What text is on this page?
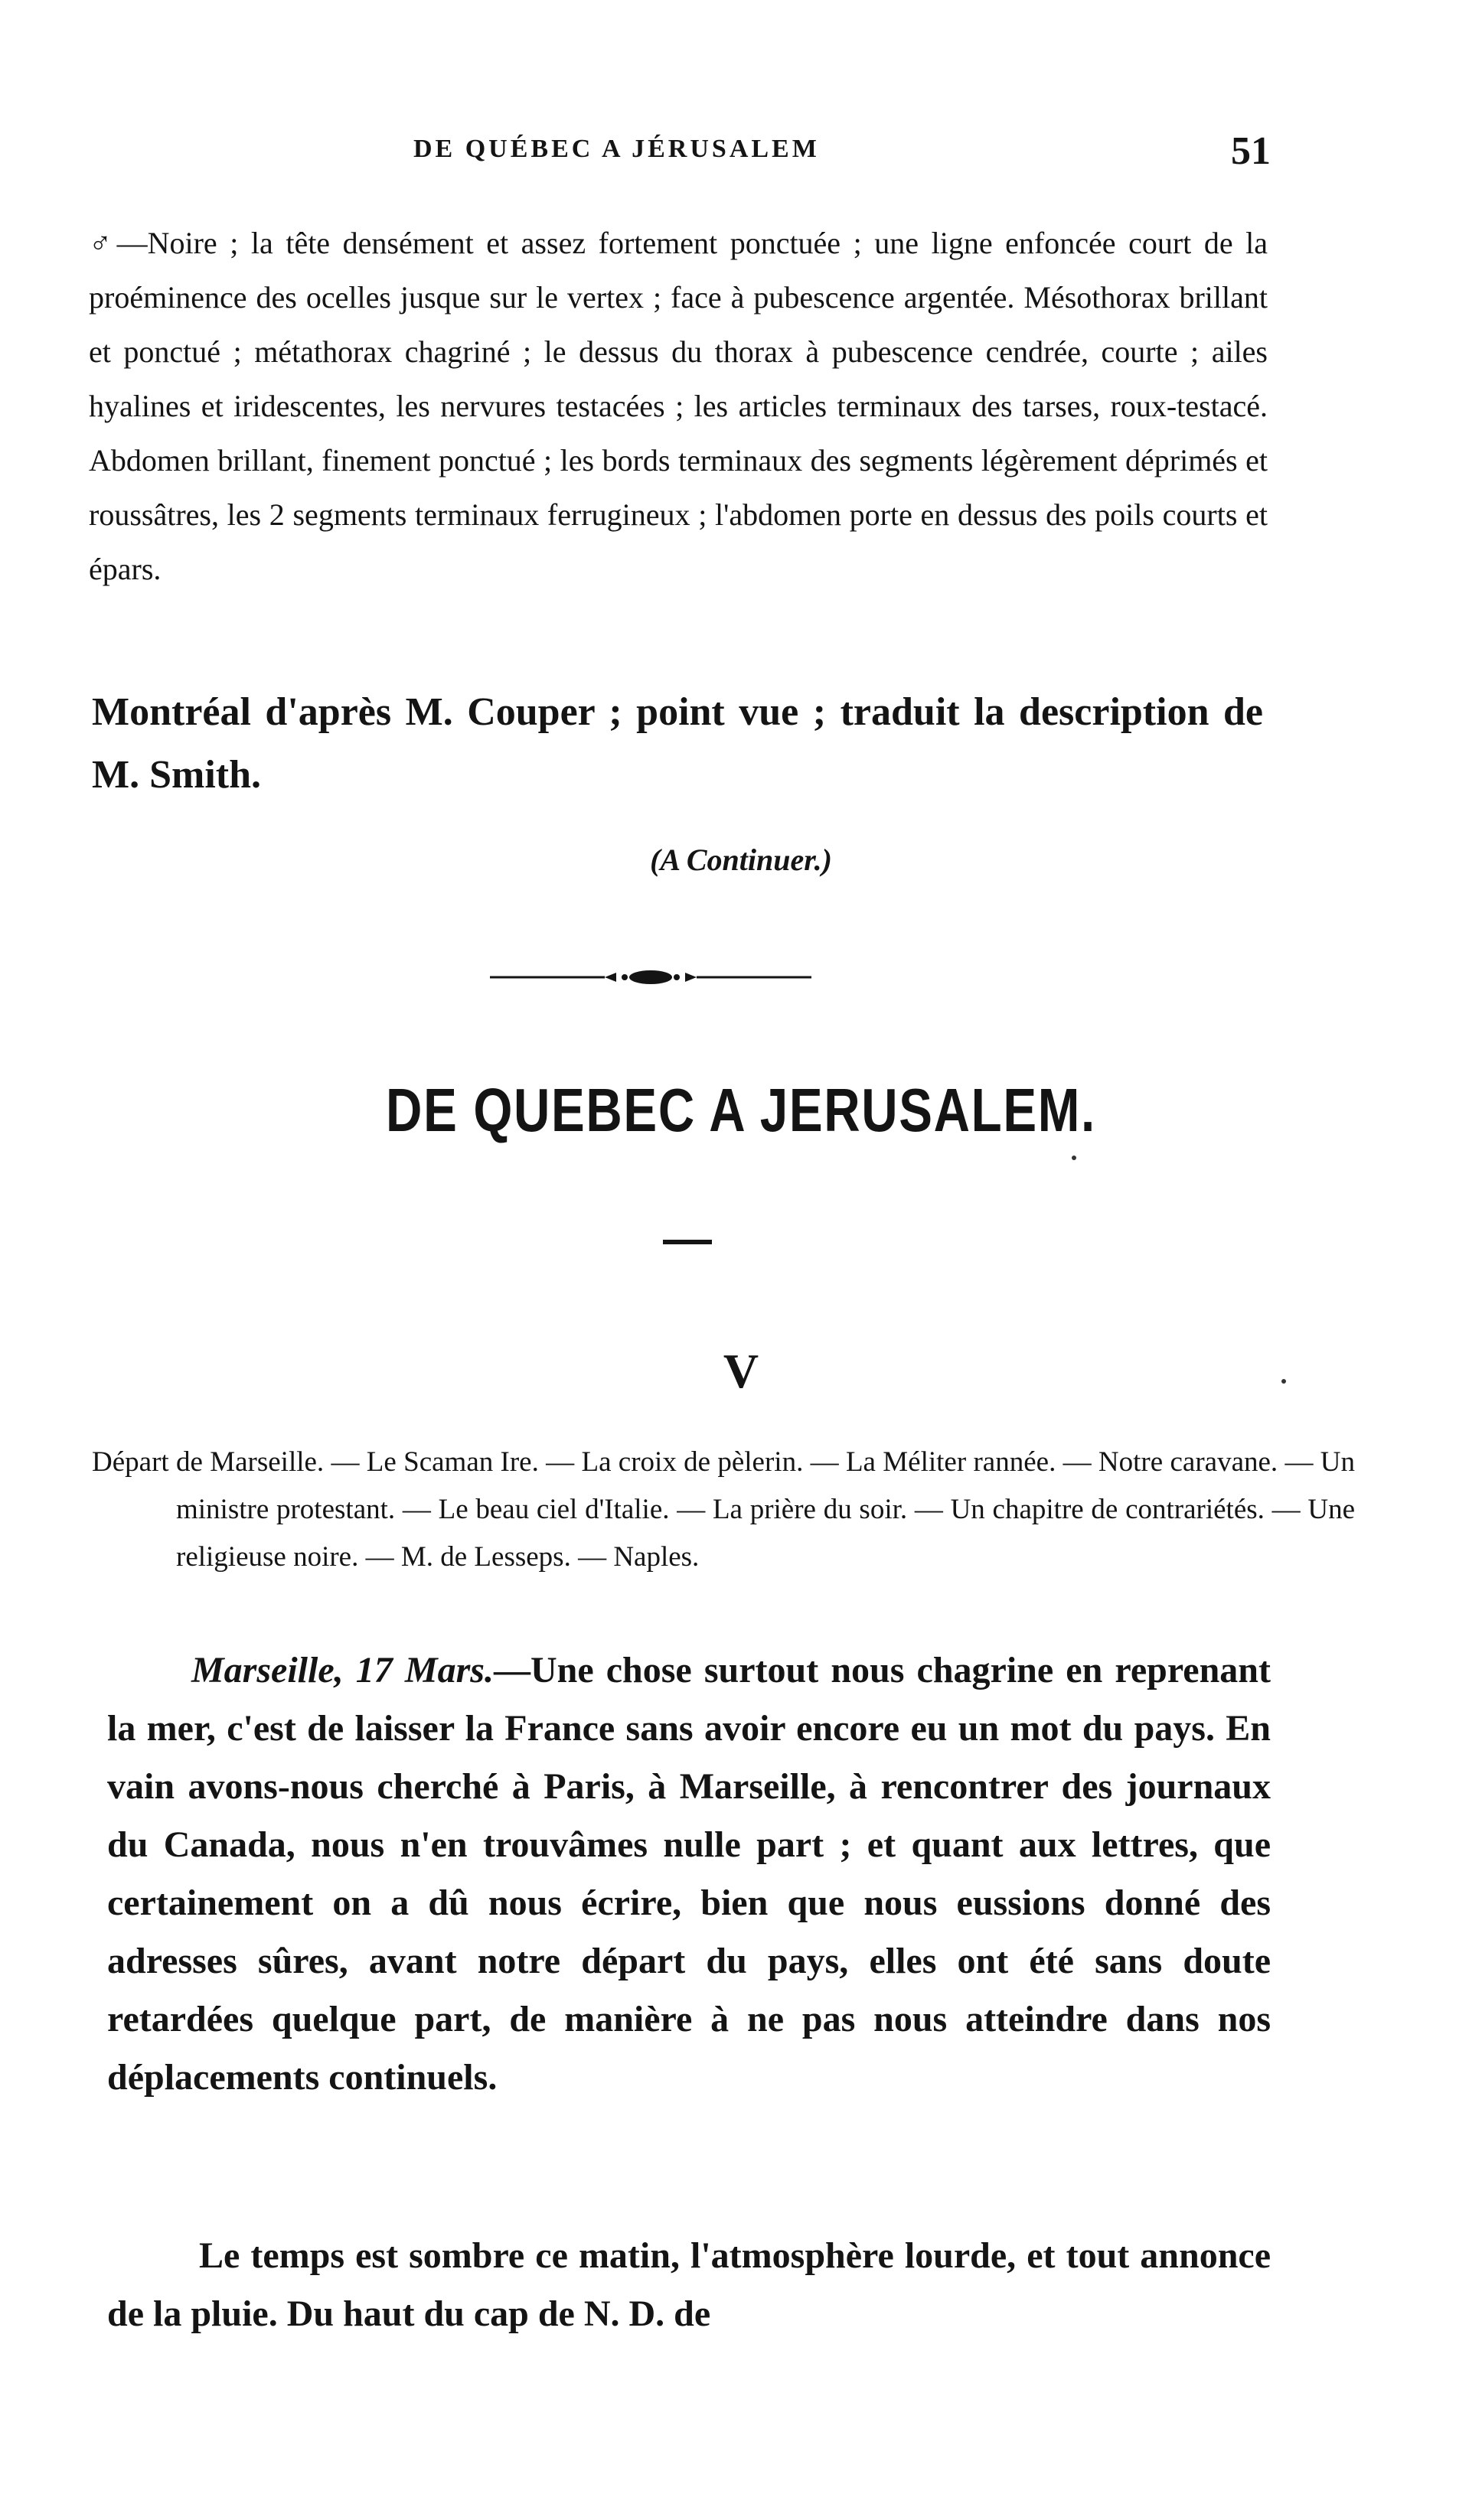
DE QUÉBEC A JÉRUSALEM	51

♂—Noire ; la tête densément et assez fortement ponctuée ; une ligne enfoncée court de la proéminence des ocelles jusque sur le vertex ; face à pubescence argentée. Mésothorax brillant et ponctué ; métathorax chagriné ; le dessus du thorax à pubescence cendrée, courte ; ailes hyalines et iridescentes, les nervures testacées ; les articles terminaux des tarses, roux-testacé. Abdomen brillant, finement ponctué ; les bords terminaux des segments légèrement déprimés et roussâtres, les 2 segments terminaux ferrugineux ; l'abdomen porte en dessus des poils courts et épars.

Montréal d'après M. Couper ; point vue ; traduit la description de M. Smith.

(A Continuer.)
DE QUEBEC A JERUSALEM.
V

Départ de Marseille. — Le Scaman Ire. — La croix de pèlerin. — La Méliter rannée. — Notre caravane. — Un ministre protestant. — Le beau ciel d'Italie. — La prière du soir. — Un chapitre de contrariétés. — Une religieuse noire. — M. de Lesseps. — Naples.

Marseille, 17 Mars.—Une chose surtout nous chagrine en reprenant la mer, c'est de laisser la France sans avoir encore eu un mot du pays. En vain avons-nous cherché à Paris, à Marseille, à rencontrer des journaux du Canada, nous n'en trouvâmes nulle part ; et quant aux lettres, que certainement on a dû nous écrire, bien que nous eussions donné des adresses sûres, avant notre départ du pays, elles ont été sans doute retardées quelque part, de manière à ne pas nous atteindre dans nos déplacements continuels.

Le temps est sombre ce matin, l'atmosphère lourde, et tout annonce de la pluie. Du haut du cap de N. D. de
